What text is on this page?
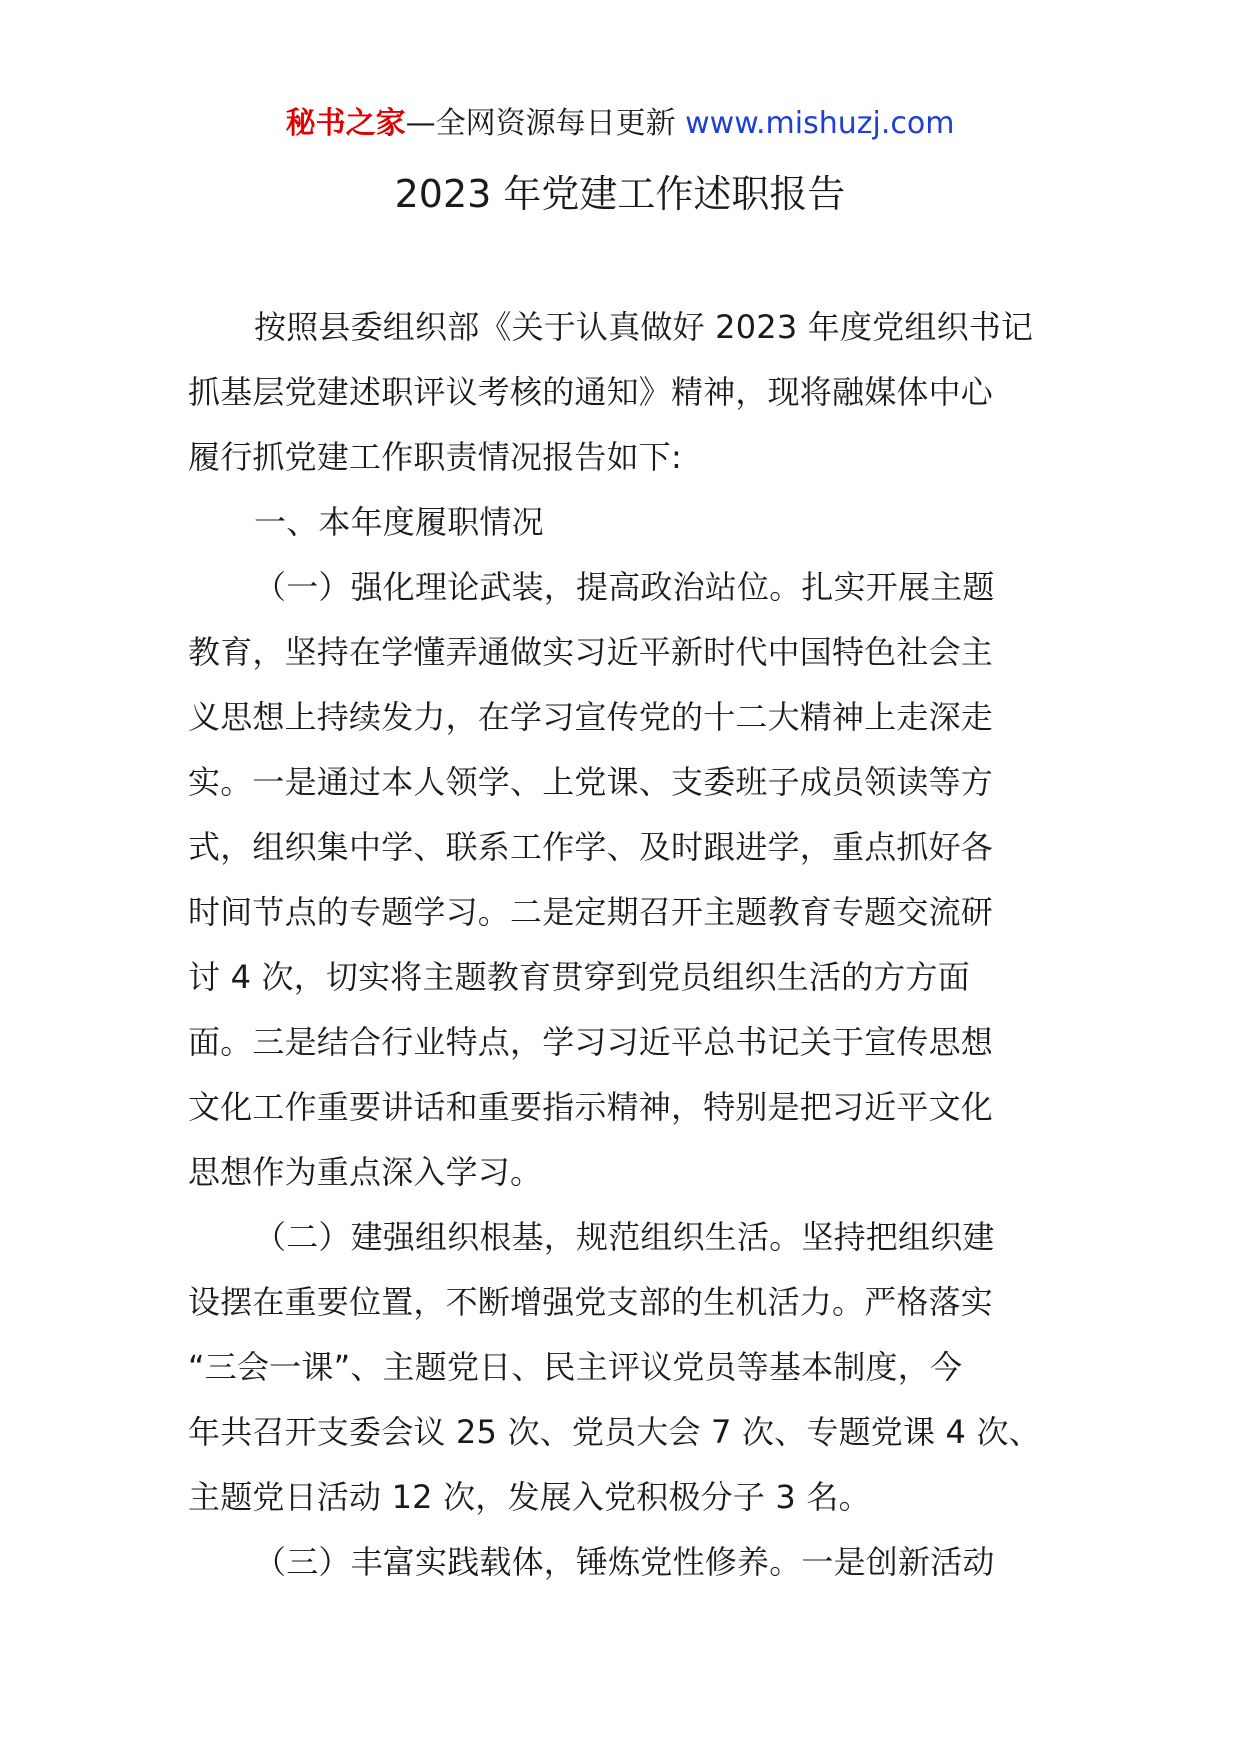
秘书之家—全网资源每日更新 www.mishuzj.com
2023 年党建工作述职报告
按照县委组织部《关于认真做好 2023 年度党组织书记
抓基层党建述职评议考核的通知》精神，现将融媒体中心
履行抓党建工作职责情况报告如下:
一、本年度履职情况
（一）强化理论武装，提高政治站位。扎实开展主题
教育，坚持在学懂弄通做实习近平新时代中国特色社会主
义思想上持续发力，在学习宣传党的十二大精神上走深走
实。一是通过本人领学、上党课、支委班子成员领读等方
式，组织集中学、联系工作学、及时跟进学，重点抓好各
时间节点的专题学习。二是定期召开主题教育专题交流研
讨 4 次，切实将主题教育贯穿到党员组织生活的方方面
面。三是结合行业特点，学习习近平总书记关于宣传思想
文化工作重要讲话和重要指示精神，特别是把习近平文化
思想作为重点深入学习。
（二）建强组织根基，规范组织生活。坚持把组织建
设摆在重要位置，不断增强党支部的生机活力。严格落实
“三会一课”、主题党日、民主评议党员等基本制度，今
年共召开支委会议 25 次、党员大会 7 次、专题党课 4 次、
主题党日活动 12 次，发展入党积极分子 3 名。
（三）丰富实践载体，锤炼党性修养。一是创新活动
